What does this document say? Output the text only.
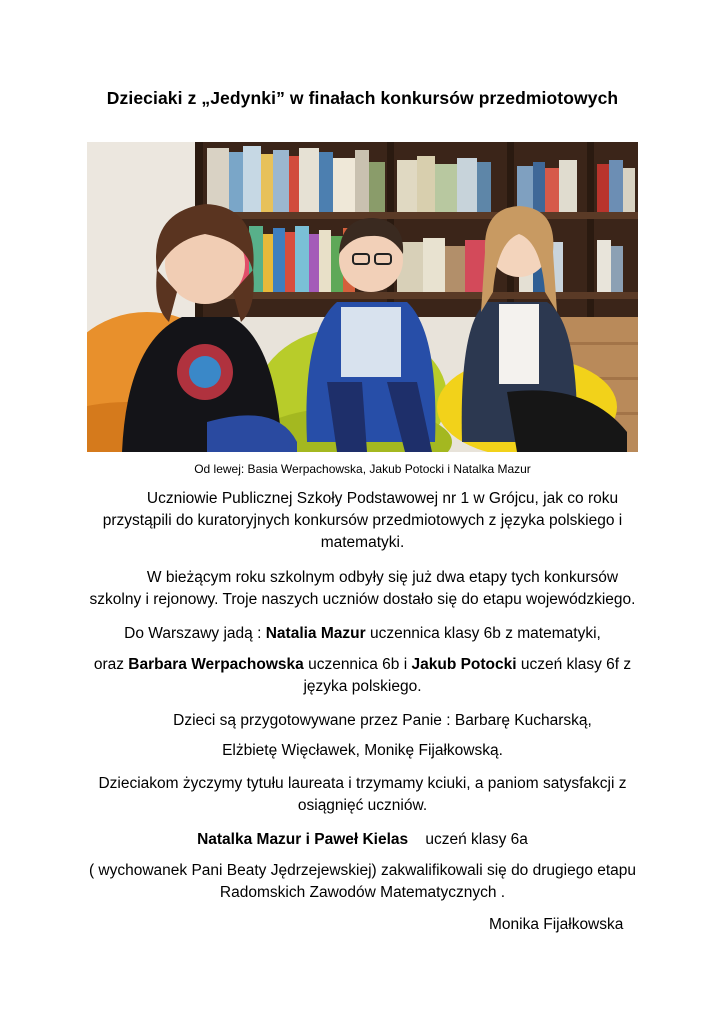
Dzieciaki z „Jedynki” w finałach konkursów przedmiotowych
Od lewej: Basia Werpachowska, Jakub Potocki i Natalka Mazur
Uczniowie Publicznej Szkoły Podstawowej nr 1 w Grójcu, jak co roku
przystąpili do kuratoryjnych konkursów przedmiotowych z języka polskiego i
matematyki.
W bieżącym roku szkolnym odbyły się już dwa etapy tych konkursów
szkolny i rejonowy. Troje naszych uczniów dostało się do etapu wojewódzkiego.
Do Warszawy jadą : Natalia Mazur uczennica klasy 6b z matematyki,
oraz Barbara Werpachowska uczennica 6b i Jakub Potocki uczeń klasy 6f z
języka polskiego.
Dzieci są przygotowywane przez Panie : Barbarę Kucharską,
Elżbietę Więcławek, Monikę Fijałkowską.
Dzieciakom życzymy tytułu laureata i trzymamy kciuki, a paniom satysfakcji z
osiągnięć uczniów.
Natalka Mazur i Paweł Kielas    uczeń klasy 6a
( wychowanek Pani Beaty Jędrzejewskiej) zakwalifikowali się do drugiego etapu
Radomskich Zawodów Matematycznych .
Monika Fijałkowska
